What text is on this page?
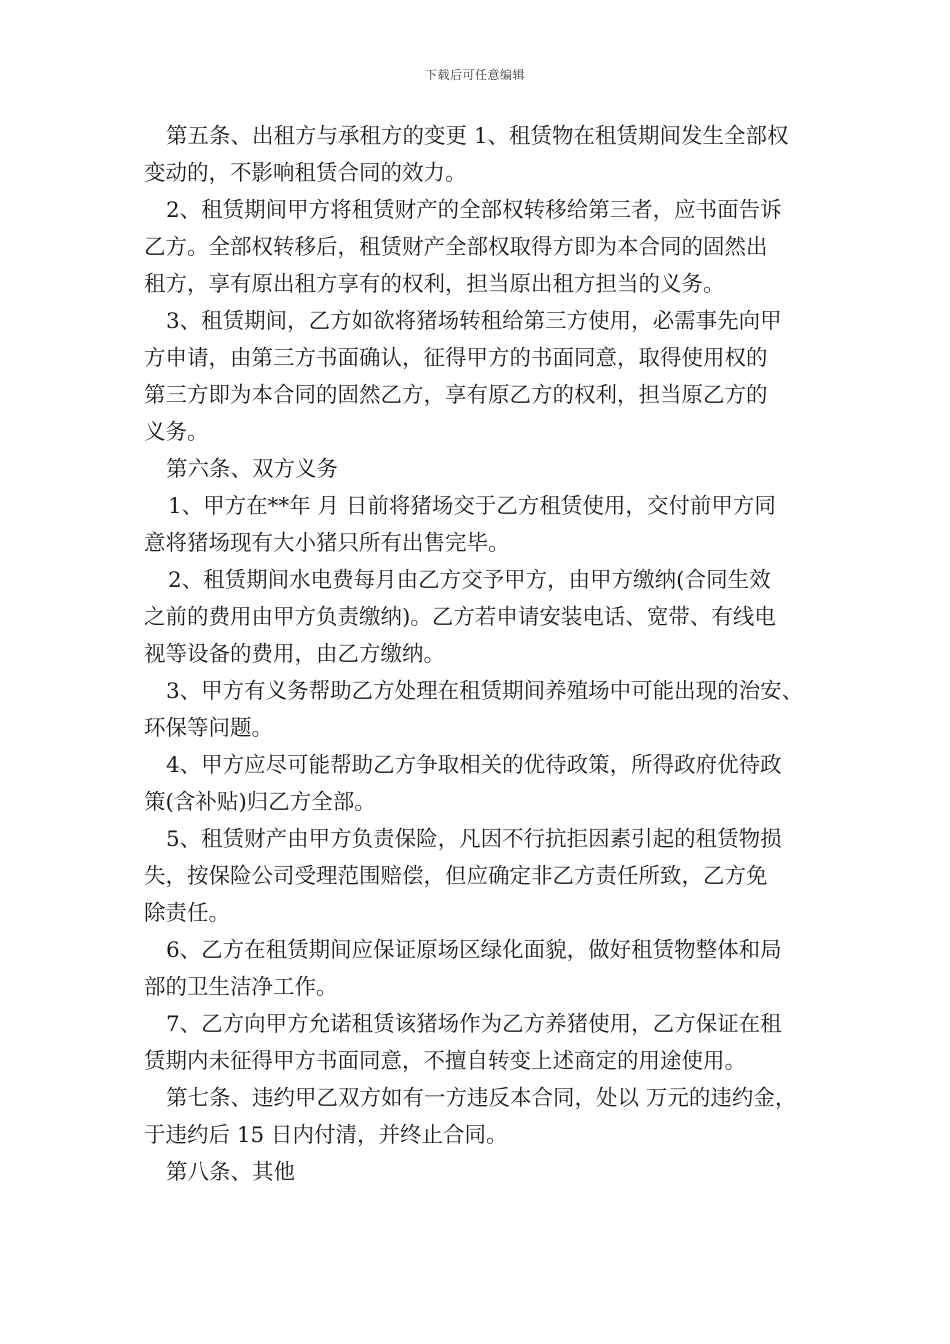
下载后可任意编辑
第五条、出租方与承租方的变更 1、租赁物在租赁期间发生全部权
变动的，不影响租赁合同的效力。
2、租赁期间甲方将租赁财产的全部权转移给第三者，应书面告诉
乙方。全部权转移后，租赁财产全部权取得方即为本合同的固然出
租方，享有原出租方享有的权利，担当原出租方担当的义务。
3、租赁期间，乙方如欲将猪场转租给第三方使用，必需事先向甲
方申请，由第三方书面确认，征得甲方的书面同意，取得使用权的
第三方即为本合同的固然乙方，享有原乙方的权利，担当原乙方的
义务。
第六条、双方义务
1、甲方在**年 月 日前将猪场交于乙方租赁使用，交付前甲方同
意将猪场现有大小猪只所有出售完毕。
2、租赁期间水电费每月由乙方交予甲方，由甲方缴纳(合同生效
之前的费用由甲方负责缴纳)。乙方若申请安装电话、宽带、有线电
视等设备的费用，由乙方缴纳。
3、甲方有义务帮助乙方处理在租赁期间养殖场中可能出现的治安、
环保等问题。
4、甲方应尽可能帮助乙方争取相关的优待政策，所得政府优待政
策(含补贴)归乙方全部。
5、租赁财产由甲方负责保险，凡因不行抗拒因素引起的租赁物损
失，按保险公司受理范围赔偿，但应确定非乙方责任所致，乙方免
除责任。
6、乙方在租赁期间应保证原场区绿化面貌，做好租赁物整体和局
部的卫生洁净工作。
7、乙方向甲方允诺租赁该猪场作为乙方养猪使用，乙方保证在租
赁期内未征得甲方书面同意，不擅自转变上述商定的用途使用。
第七条、违约甲乙双方如有一方违反本合同，处以 万元的违约金，
于违约后 15 日内付清，并终止合同。
第八条、其他
